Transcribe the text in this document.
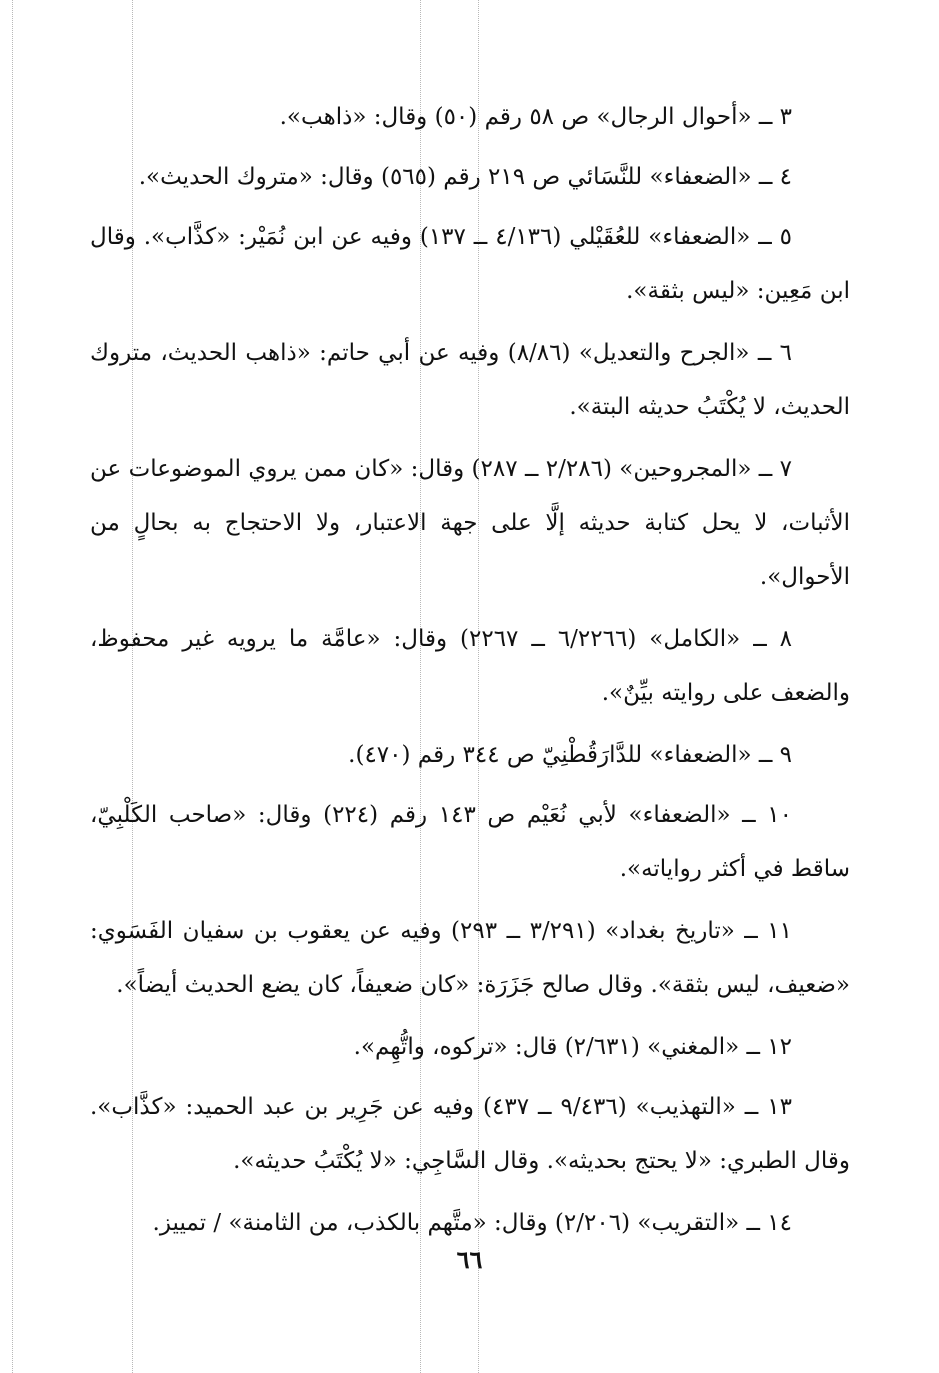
٣ ــ «أحوال الرجال» ص ٥٨ رقم (٥٠) وقال: «ذاهب».

٤ ــ «الضعفاء» للنَّسَائي ص ٢١٩ رقم (٥٦٥) وقال: «متروك الحديث».

٥ ــ «الضعفاء» للعُقَيْلي (٤/١٣٦ ــ ١٣٧) وفيه عن ابن نُمَيْر: «كذَّاب». وقال ابن مَعِين: «ليس بثقة».

٦ ــ «الجرح والتعديل» (٨/٨٦) وفيه عن أبي حاتم: «ذاهب الحديث، متروك الحديث، لا يُكْتَبُ حديثه البتة».

٧ ــ «المجروحين» (٢/٢٨٦ ــ ٢٨٧) وقال: «كان ممن يروي الموضوعات عن الأثبات، لا يحل كتابة حديثه إلَّا على جهة الاعتبار، ولا الاحتجاج به بحالٍ من الأحوال».

٨ ــ «الكامل» (٦/٢٢٦٦ ــ ٢٢٦٧) وقال: «عامَّة ما يرويه غير محفوظ، والضعف على روايته بيِّنٌ».

٩ ــ «الضعفاء» للدَّارَقُطْنِيّ ص ٣٤٤ رقم (٤٧٠).

١٠ ــ «الضعفاء» لأبي نُعَيْم ص ١٤٣ رقم (٢٢٤) وقال: «صاحب الكَلْبِيّ، ساقط في أكثر رواياته».

١١ ــ «تاريخ بغداد» (٣/٢٩١ ــ ٢٩٣) وفيه عن يعقوب بن سفيان الفَسَوي: «ضعيف، ليس بثقة». وقال صالح جَزَرَة: «كان ضعيفاً، كان يضع الحديث أيضاً».

١٢ ــ «المغني» (٢/٦٣١) قال: «تركوه، واتُّهِم».

١٣ ــ «التهذيب» (٩/٤٣٦ ــ ٤٣٧) وفيه عن جَرِير بن عبد الحميد: «كذَّاب». وقال الطبري: «لا يحتج بحديثه». وقال السَّاجِي: «لا يُكْتَبُ حديثه».

١٤ ــ «التقريب» (٢/٢٠٦) وقال: «متَّهم بالكذب، من الثامنة» / تمييز.

٦٦
